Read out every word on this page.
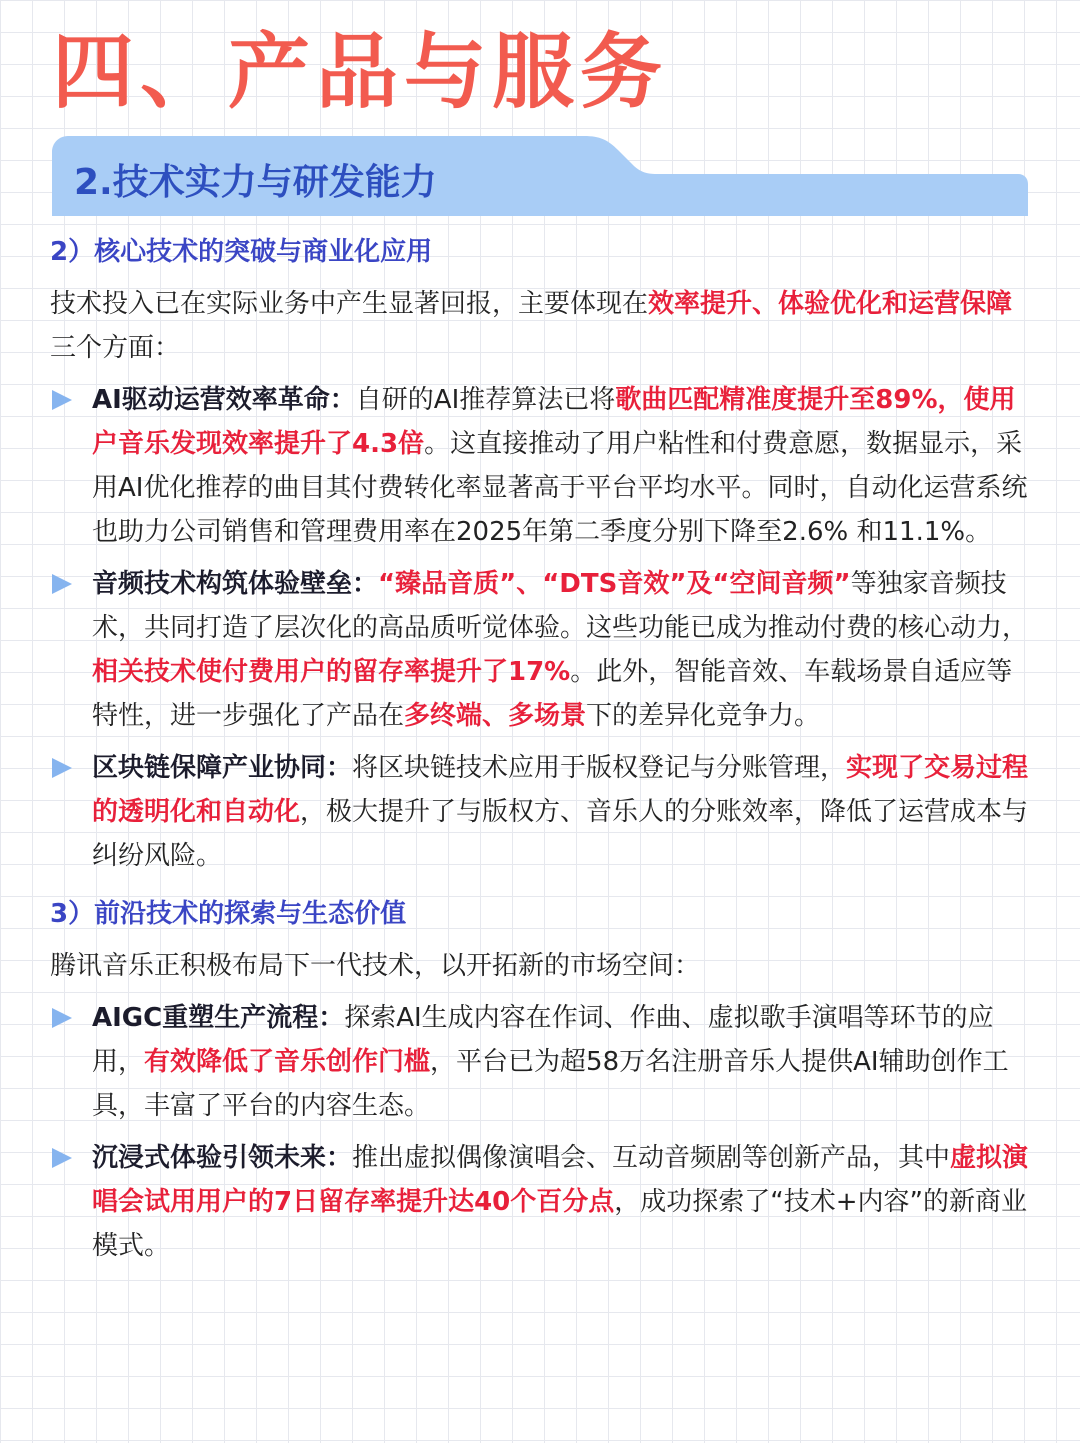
四、产品与服务
2.技术实力与研发能力

2）核心技术的突破与商业化应用

技术投入已在实际业务中产生显著回报，主要体现在效率提升、体验优化和运营保障三个方面：

AI驱动运营效率革命：自研的AI推荐算法已将歌曲匹配精准度提升至89%，使用户音乐发现效率提升了4.3倍。这直接推动了用户粘性和付费意愿，数据显示，采用AI优化推荐的曲目其付费转化率显著高于平台平均水平。同时，自动化运营系统也助力公司销售和管理费用率在2025年第二季度分别下降至2.6% 和11.1%。
音频技术构筑体验壁垒：“臻品音质”、“DTS音效”及“空间音频”等独家音频技术，共同打造了层次化的高品质听觉体验。这些功能已成为推动付费的核心动力，相关技术使付费用户的留存率提升了17%。此外，智能音效、车载场景自适应等特性，进一步强化了产品在多终端、多场景下的差异化竞争力。
区块链保障产业协同：将区块链技术应用于版权登记与分账管理，实现了交易过程的透明化和自动化，极大提升了与版权方、音乐人的分账效率，降低了运营成本与纠纷风险。

3）前沿技术的探索与生态价值

腾讯音乐正积极布局下一代技术，以开拓新的市场空间：

AIGC重塑生产流程：探索AI生成内容在作词、作曲、虚拟歌手演唱等环节的应用，有效降低了音乐创作门槛，平台已为超58万名注册音乐人提供AI辅助创作工具，丰富了平台的内容生态。
沉浸式体验引领未来：推出虚拟偶像演唱会、互动音频剧等创新产品，其中虚拟演唱会试用用户的7日留存率提升达40个百分点，成功探索了“技术+内容”的新商业模式。
